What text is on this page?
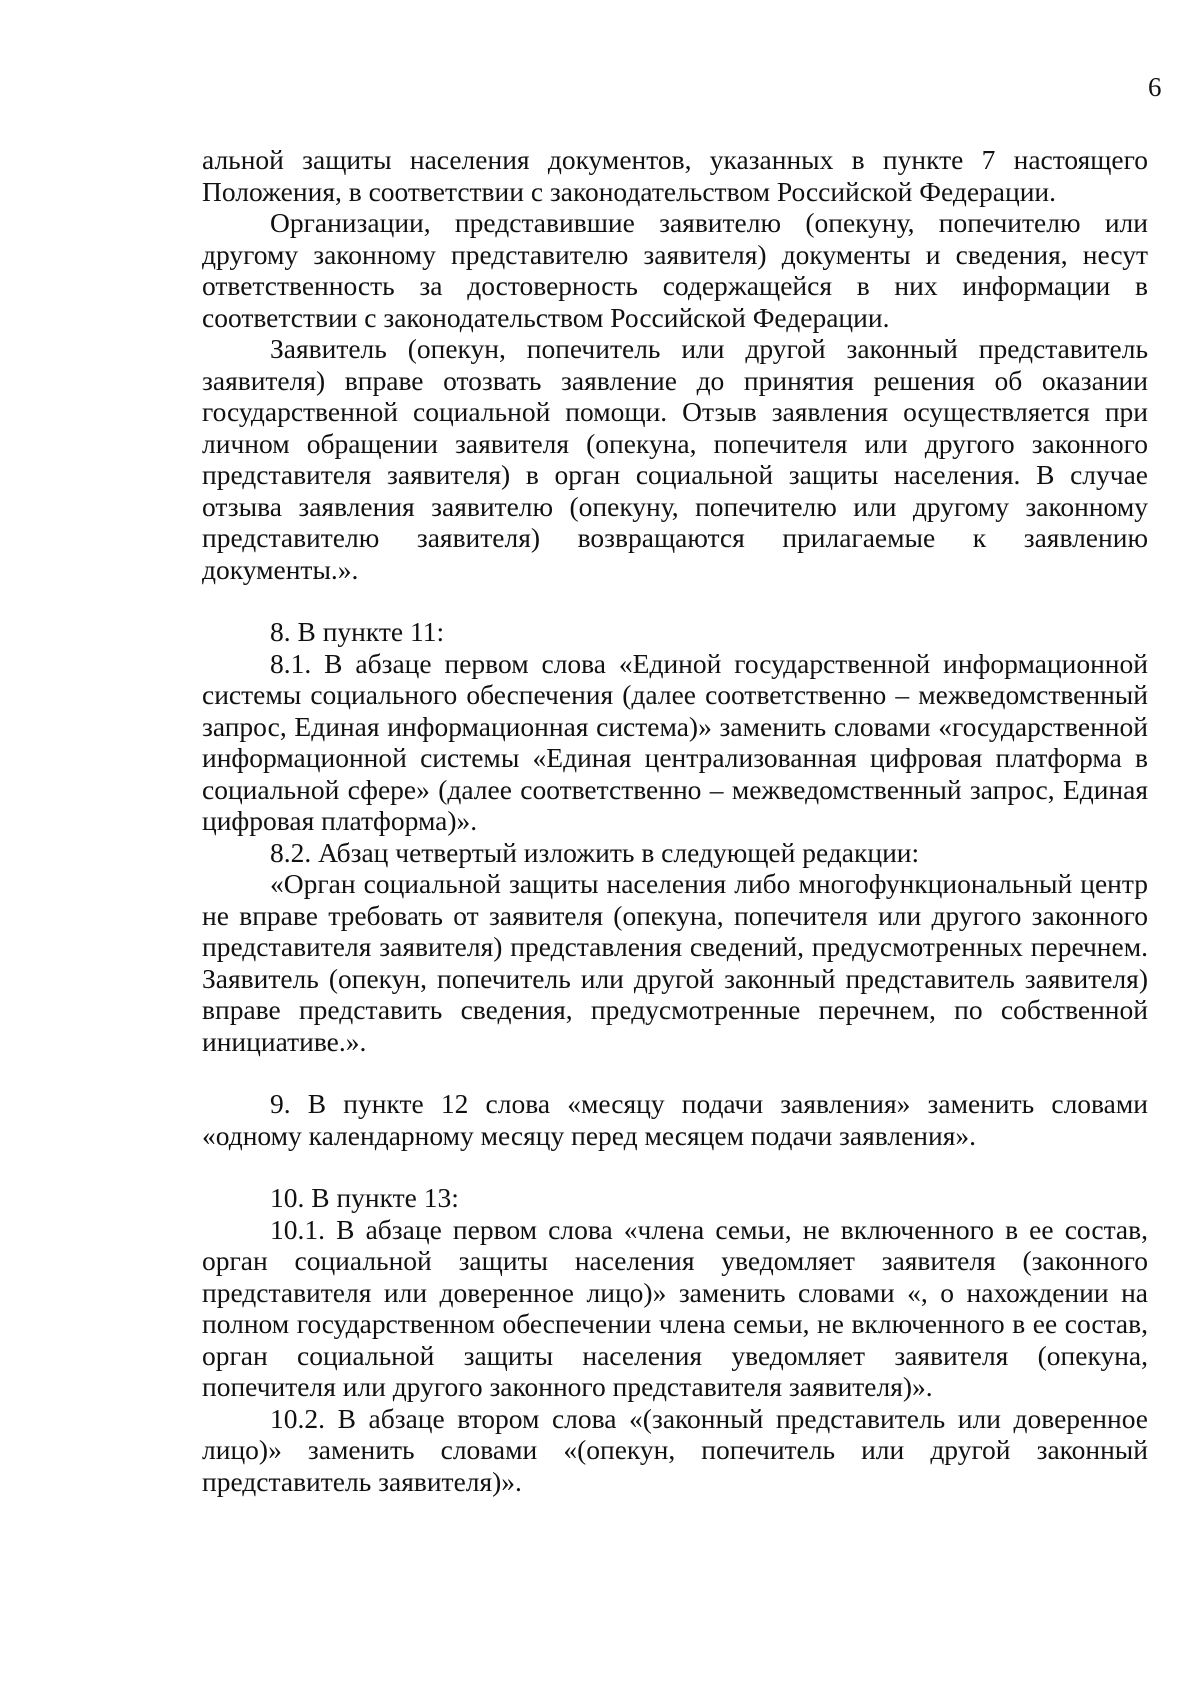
6

альной защиты населения документов, указанных в пункте 7 настоящего Положения, в соответствии с законодательством Российской Федерации.

Организации, представившие заявителю (опекуну, попечителю или другому законному представителю заявителя) документы и сведения, несут ответственность за достоверность содержащейся в них информации в соответствии с законодательством Российской Федерации.

Заявитель (опекун, попечитель или другой законный представитель заявителя) вправе отозвать заявление до принятия решения об оказании государственной социальной помощи. Отзыв заявления осуществляется при личном обращении заявителя (опекуна, попечителя или другого законного представителя заявителя) в орган социальной защиты населения. В случае отзыва заявления заявителю (опекуну, попечителю или другому законному представителю заявителя) возвращаются прилагаемые к заявлению документы.».

8. В пункте 11:

8.1. В абзаце первом слова «Единой государственной информационной системы социального обеспечения (далее соответственно – межведомственный запрос, Единая информационная система)» заменить словами «государственной информационной системы «Единая централизованная цифровая платформа в социальной сфере» (далее соответственно – межведомственный запрос, Единая цифровая платформа)».

8.2. Абзац четвертый изложить в следующей редакции:

«Орган социальной защиты населения либо многофункциональный центр не вправе требовать от заявителя (опекуна, попечителя или другого законного представителя заявителя) представления сведений, предусмотренных перечнем. Заявитель (опекун, попечитель или другой законный представитель заявителя) вправе представить сведения, предусмотренные перечнем, по собственной инициативе.».

9. В пункте 12 слова «месяцу подачи заявления» заменить словами «одному календарному месяцу перед месяцем подачи заявления».

10. В пункте 13:

10.1. В абзаце первом слова «члена семьи, не включенного в ее состав, орган социальной защиты населения уведомляет заявителя (законного представителя или доверенное лицо)» заменить словами «, о нахождении на полном государственном обеспечении члена семьи, не включенного в ее состав, орган социальной защиты населения уведомляет заявителя (опекуна, попечителя или другого законного представителя заявителя)».

10.2. В абзаце втором слова «(законный представитель или доверенное лицо)» заменить словами «(опекун, попечитель или другой законный представитель заявителя)».
